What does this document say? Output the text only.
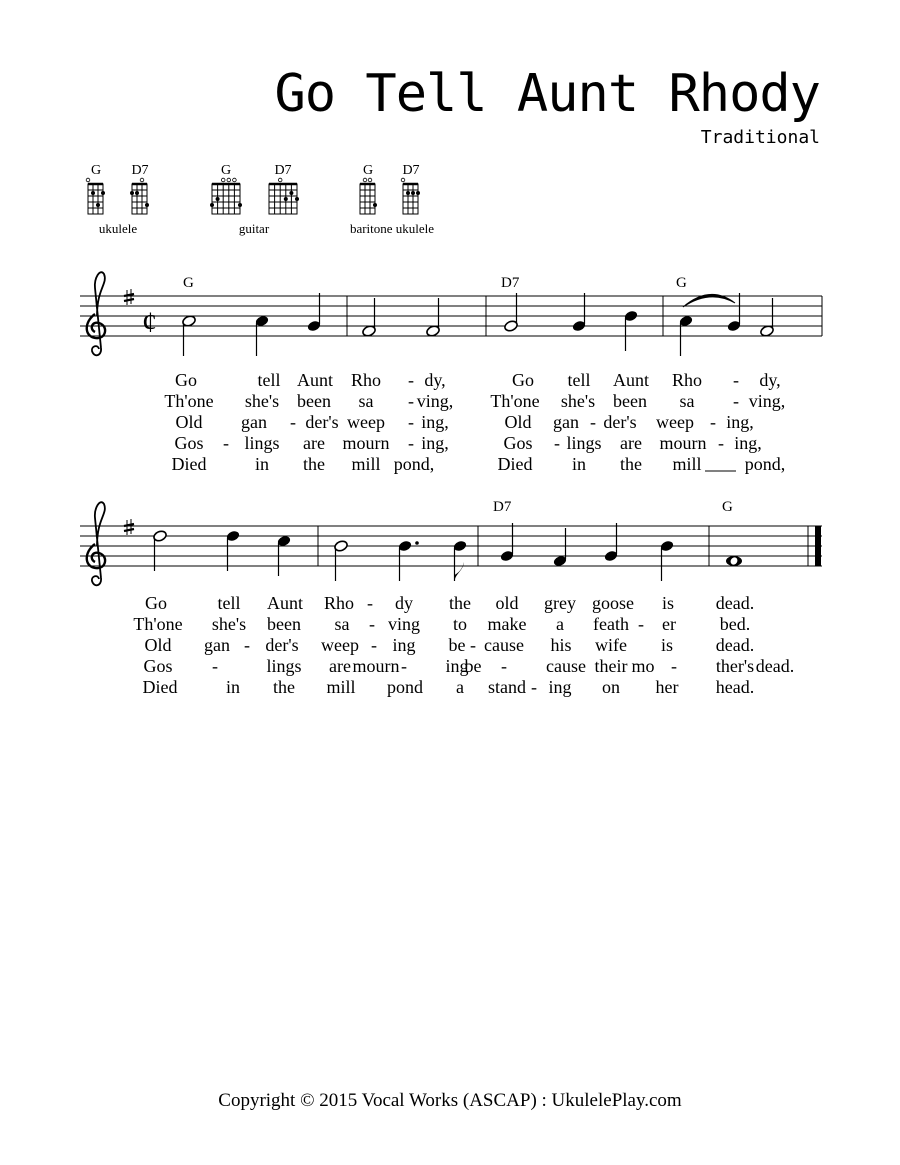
Go Tell Aunt Rhody
Traditional
G D7
ukulele
G	D7
guitar
G D7
baritone ukulele
¢
G	D7	G
D7	G
Go	tell Aunt Rho - dy,	Go tell Aunt Rho - dy,
Th'one she's been sa - ving, Th'one she's been sa - ving,
Old gan - der's weep - ing,	Old gan - der's weep - ing,
Gos - lings are mourn - ing,	Gos - lings are mourn - ing,
Died	in the mill pond,	Died in the mill pond,
Go	tell Aunt Rho - dy the old grey goose is dead.
Th'one she's been sa - ving to make a feath - er bed.
Old gan - der's weep - ing be - cause his wife is dead.
Gos -	lings are mourn - ing
be - cause their mo - ther's dead.
Died	in the mill pond a stand - ing on her head.
Copyright © 2015 Vocal Works (ASCAP) : UkulelePlay.com
